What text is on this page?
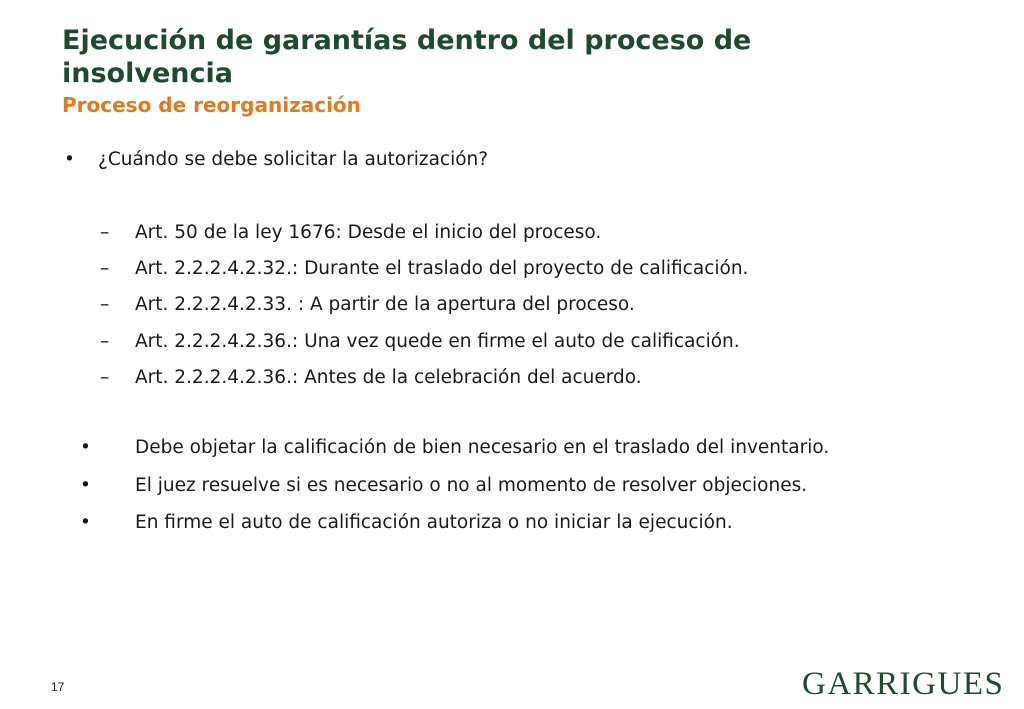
Ejecución de garantías dentro del proceso de insolvencia
Proceso de reorganización
• ¿Cuándo se debe solicitar la autorización?
– Art. 50 de la ley 1676: Desde el inicio del proceso.
– Art. 2.2.2.4.2.32.: Durante el traslado del proyecto de calificación.
– Art. 2.2.2.4.2.33. : A partir de la apertura del proceso.
– Art. 2.2.2.4.2.36.: Una vez quede en firme el auto de calificación.
– Art. 2.2.2.4.2.36.: Antes de la celebración del acuerdo.
• Debe objetar la calificación de bien necesario en el traslado del inventario.
• El juez resuelve si es necesario o no al momento de resolver objeciones.
• En firme el auto de calificación autoriza o no iniciar la ejecución.
17	GARRIGUES
